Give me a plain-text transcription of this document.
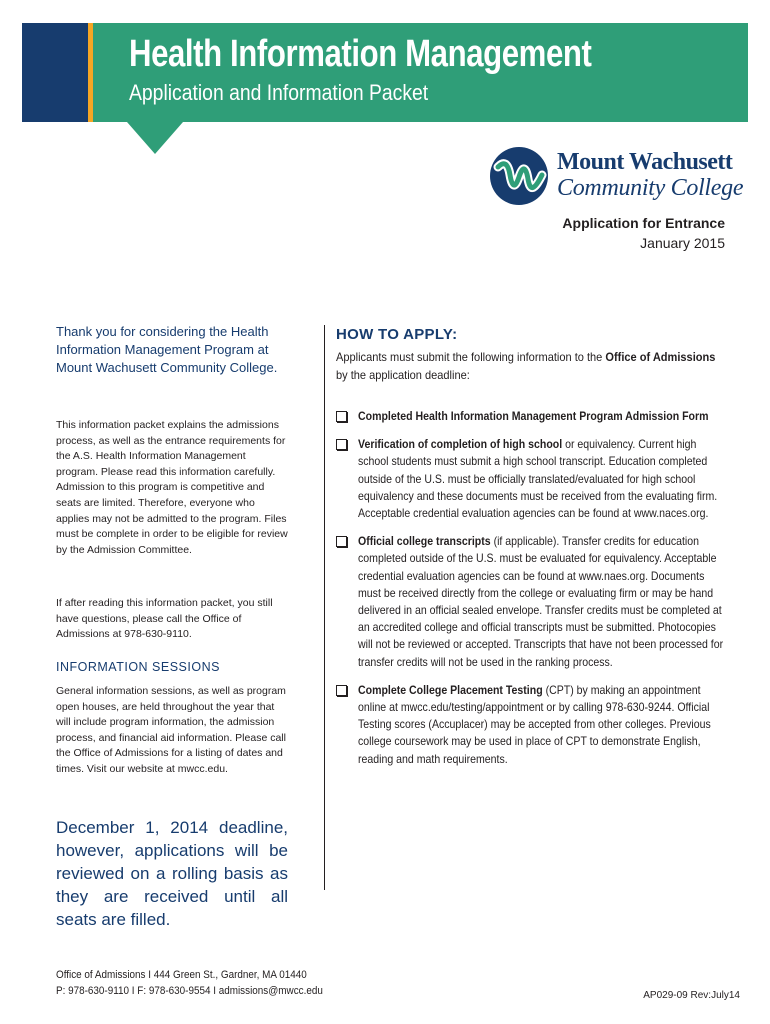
Health Information Management
Application and Information Packet
Mount Wachusett
Community College
Application for Entrance
January 2015
Thank you for considering the Health Information Management Program at Mount Wachusett Community College.
This information packet explains the admissions process, as well as the entrance requirements for the A.S. Health Information Management program. Please read this information carefully. Admission to this program is competitive and seats are limited. Therefore, everyone who applies may not be admitted to the program. Files must be complete in order to be eligible for review by the Admission Committee.
If after reading this information packet, you still have questions, please call the Office of Admissions at 978-630-9110.
INFORMATION SESSIONS
General information sessions, as well as program open houses, are held throughout the year that will include program information, the admission process, and financial aid information. Please call the Office of Admissions for a listing of dates and times. Visit our website at mwcc.edu.
December 1, 2014 deadline, however, applications will be reviewed on a rolling basis as they are received until all seats are filled.
HOW TO APPLY:
Applicants must submit the following information to the Office of Admissions by the application deadline:
Completed Health Information Management Program Admission Form
Verification of completion of high school or equivalency. Current high school students must submit a high school transcript. Education completed outside of the U.S. must be officially translated/evaluated for high school equivalency and these documents must be received from the evaluating firm. Acceptable credential evaluation agencies can be found at www.naces.org.
Official college transcripts (if applicable). Transfer credits for education completed outside of the U.S. must be evaluated for equivalency. Acceptable credential evaluation agencies can be found at www.naes.org. Documents must be received directly from the college or evaluating firm or may be hand delivered in an official sealed envelope. Transfer credits must be completed at an accredited college and official transcripts must be submitted. Photocopies will not be reviewed or accepted. Transcripts that have not been processed for transfer credits will not be used in the ranking process.
Complete College Placement Testing (CPT) by making an appointment online at mwcc.edu/testing/appointment or by calling 978-630-9244. Official Testing scores (Accuplacer) may be accepted from other colleges. Previous college coursework may be used in place of CPT to demonstrate English, reading and math requirements.
Office of Admissions I 444 Green St., Gardner, MA 01440
P: 978-630-9110 I F: 978-630-9554 I admissions@mwcc.edu	AP029-09 Rev:July14
